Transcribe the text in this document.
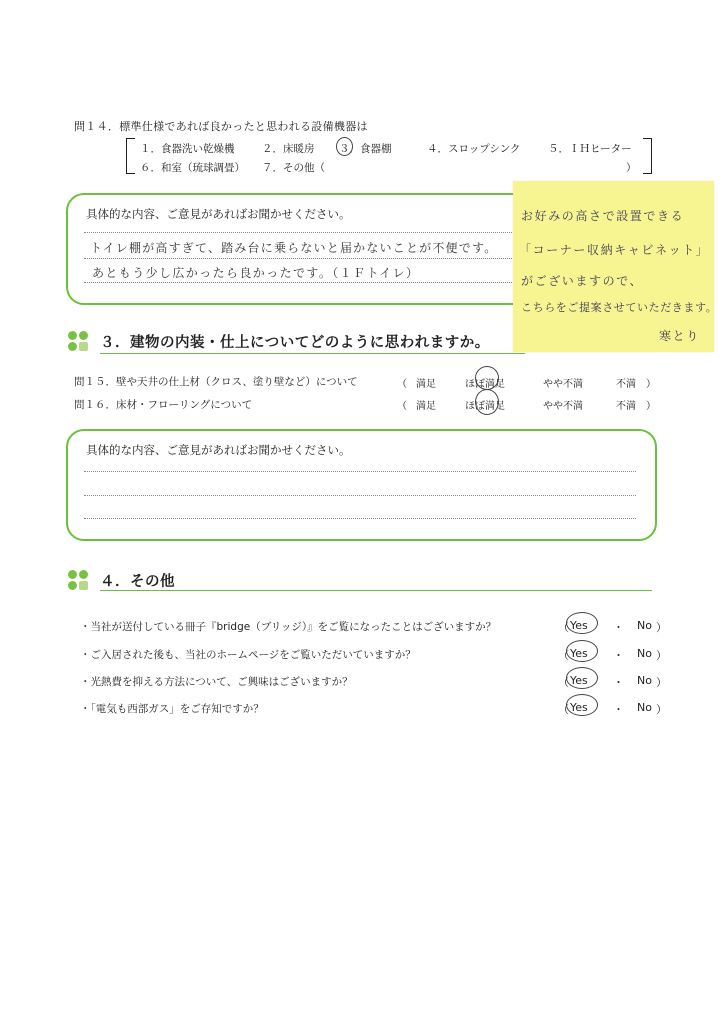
問１４．標準仕様であれば良かったと思われる設備機器は
１．食器洗い乾燥機	２．床暖房 ３．食器棚	４．スロップシンク	５．ＩＨヒーター
６．和室（琉球調畳） ７．その他（	）
具体的な内容、ご意見があればお聞かせください。
トイレ棚が高すぎて、踏み台に乗らないと届かないことが不便です。
あともう少し広かったら良かったです。（１Ｆトイレ）
お好みの高さで設置できる
「コーナー収納キャビネット」
がございますので、
こちらをご提案させていただきます。
寒とり
３．建物の内装・仕上についてどのように思われますか。
問１５．壁や天井の仕上材（クロス、塗り壁など）について	（ 満足	ほぼ満足	やや不満	不満 ）
問１６．床材・フローリングについて	（ 満足	ほぼ満足	やや不満	不満 ）
具体的な内容、ご意見があればお聞かせください。
４．その他
・当社が送付している冊子『bridge（ブリッジ）』をご覧になったことはございますか？	（ Yes ・ No ）
・ご入居された後も、当社のホームページをご覧いただいていますか？	（ Yes ・ No ）
・光熱費を抑える方法について、ご興味はございますか？	（ Yes ・ No ）
・「電気も西部ガス」をご存知ですか？	（ Yes ・ No ）
